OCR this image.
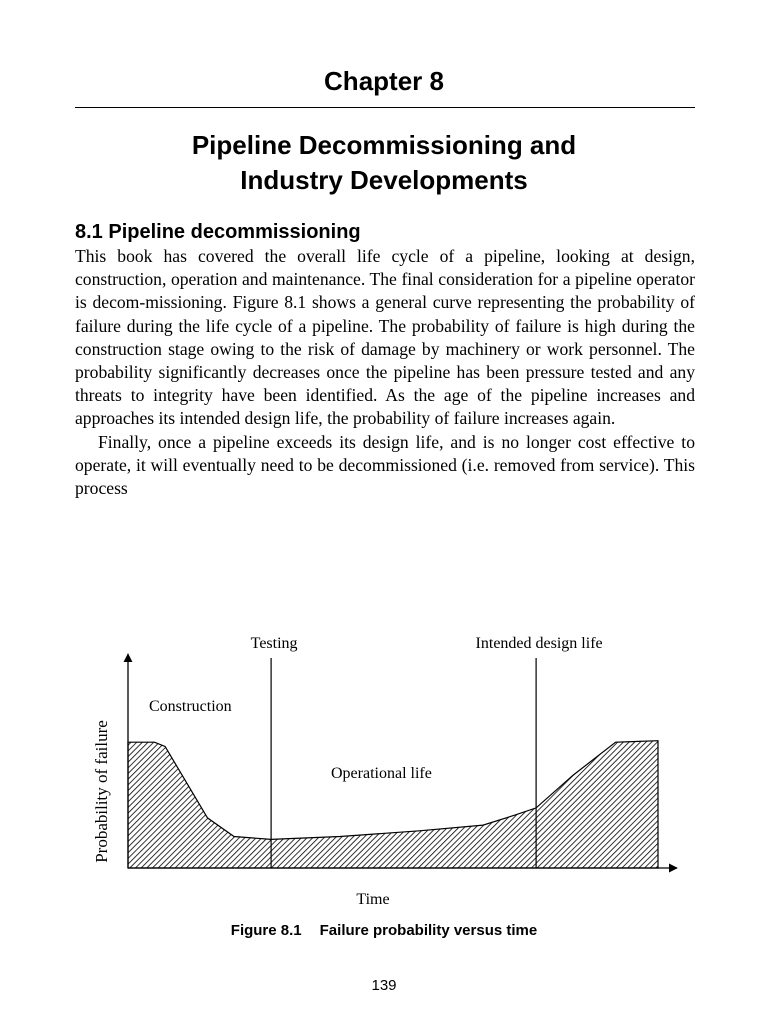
Chapter 8
Pipeline Decommissioning and
Industry Developments
8.1 Pipeline decommissioning

This book has covered the overall life cycle of a pipeline, looking at design, construction, operation and maintenance. The final consideration for a pipeline operator is decom-missioning. Figure 8.1 shows a general curve representing the probability of failure during the life cycle of a pipeline. The probability of failure is high during the construction stage owing to the risk of damage by machinery or work personnel. The probability significantly decreases once the pipeline has been pressure tested and any threats to integrity have been identified. As the age of the pipeline increases and approaches its intended design life, the probability of failure increases again.

Finally, once a pipeline exceeds its design life, and is no longer cost effective to operate, it will eventually need to be decommissioned (i.e. removed from service). This process

Testing	Intended design life
Construction
Operational life
Time
Probability of failure

Figure 8.1 Failure probability versus time

139
